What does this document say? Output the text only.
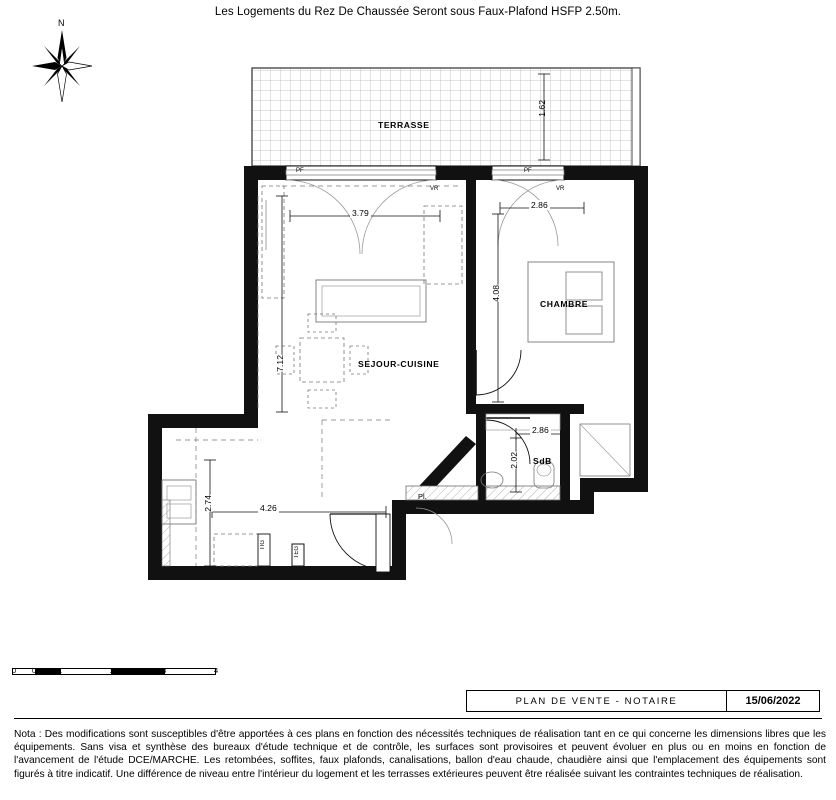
Les Logements du Rez De Chaussée Seront sous Faux-Plafond HSFP 2.50m.
N
TERRASSE
SEJOUR-CUISINE
CHAMBRE
SdB
Pl.
1.62
3.79
7.12
2.86
4.08
2.86
2.02
2.74	4.26
PF	PF
VR	VR
TEG
TIG
0 0.5 1	2	3	4
PLAN DE VENTE - NOTAIRE	15/06/2022
Nota : Des modifications sont susceptibles d'être apportées à ces plans en fonction des nécessités techniques de réalisation tant en ce qui concerne les dimensions libres que les équipements. Sans visa et synthèse des bureaux d'étude technique et de contrôle, les surfaces sont provisoires et peuvent évoluer en plus ou en moins en fonction de l'avancement de l'étude DCE/MARCHE. Les retombées, soffites, faux plafonds, canalisations, ballon d'eau chaude, chaudière ainsi que l'emplacement des équipements sont figurés à titre indicatif. Une différence de niveau entre l'intérieur du logement et les terrasses extérieures peuvent être réalisée suivant les contraintes techniques de réalisation.
